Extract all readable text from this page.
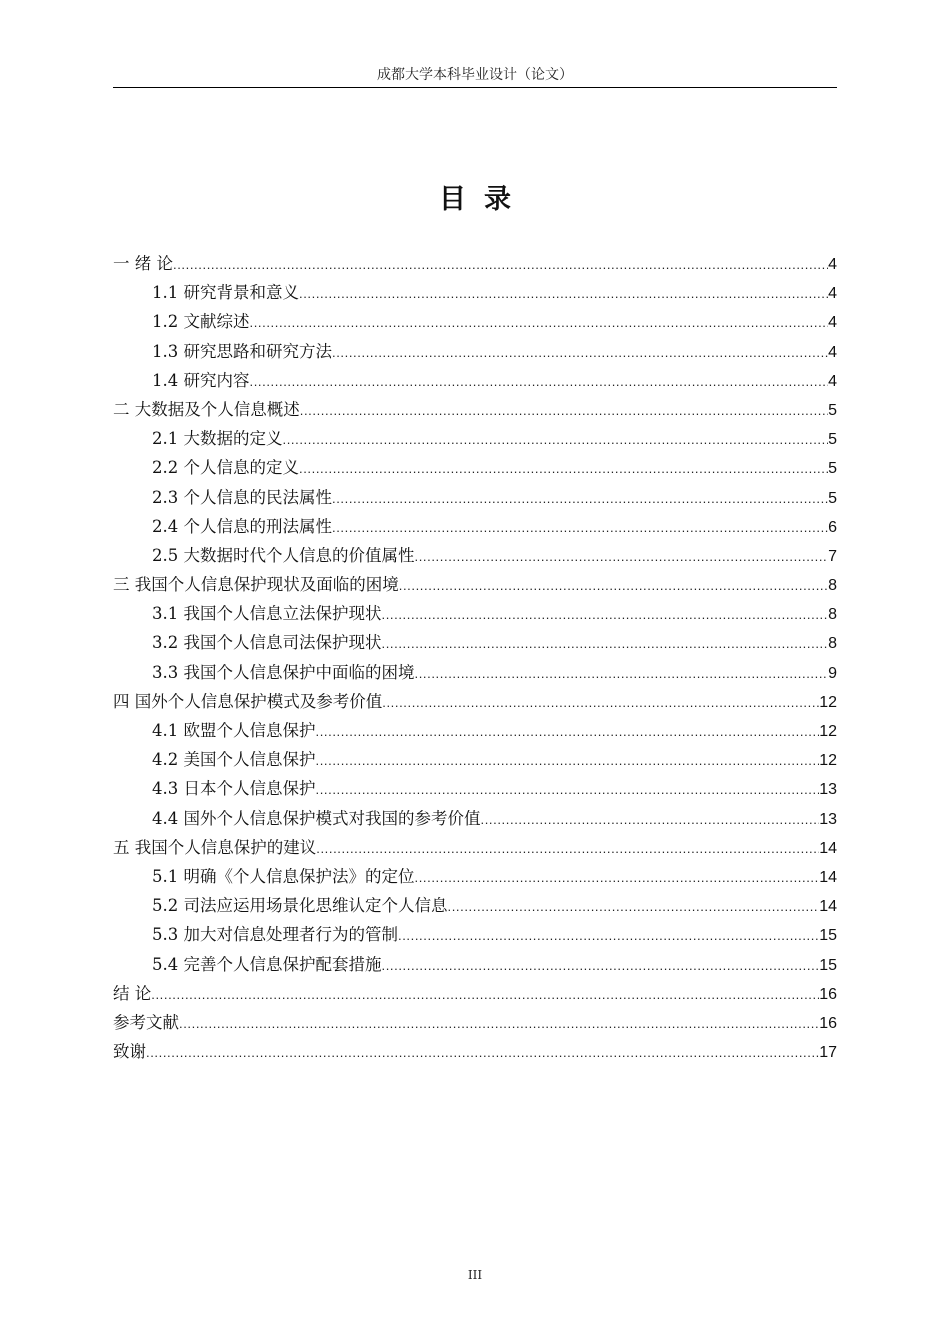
成都大学本科毕业设计（论文）
目录
一 绪 论 .....	4
1.1 研究背景和意义 .....	4
1.2 文献综述 .....	4
1.3 研究思路和研究方法 .....	4
1.4 研究内容 .....	4
二 大数据及个人信息概述 .....	5
2.1 大数据的定义 .....	5
2.2 个人信息的定义 .....	5
2.3 个人信息的民法属性 .....	5
2.4 个人信息的刑法属性 .....	6
2.5 大数据时代个人信息的价值属性 .....	7
三 我国个人信息保护现状及面临的困境 .....	8
3.1 我国个人信息立法保护现状 .....	8
3.2 我国个人信息司法保护现状 .....	8
3.3 我国个人信息保护中面临的困境 .....	9
四 国外个人信息保护模式及参考价值 .....	12
4.1 欧盟个人信息保护 .....	12
4.2 美国个人信息保护 .....	12
4.3 日本个人信息保护 .....	13
4.4 国外个人信息保护模式对我国的参考价值 .....	13
五 我国个人信息保护的建议 .....	14
5.1 明确《个人信息保护法》的定位 .....	14
5.2 司法应运用场景化思维认定个人信息 .....	14
5.3 加大对信息处理者行为的管制 .....	15
5.4 完善个人信息保护配套措施 .....	15
结 论 .....	16
参考文献 .....	16
致谢 .....	17
III
